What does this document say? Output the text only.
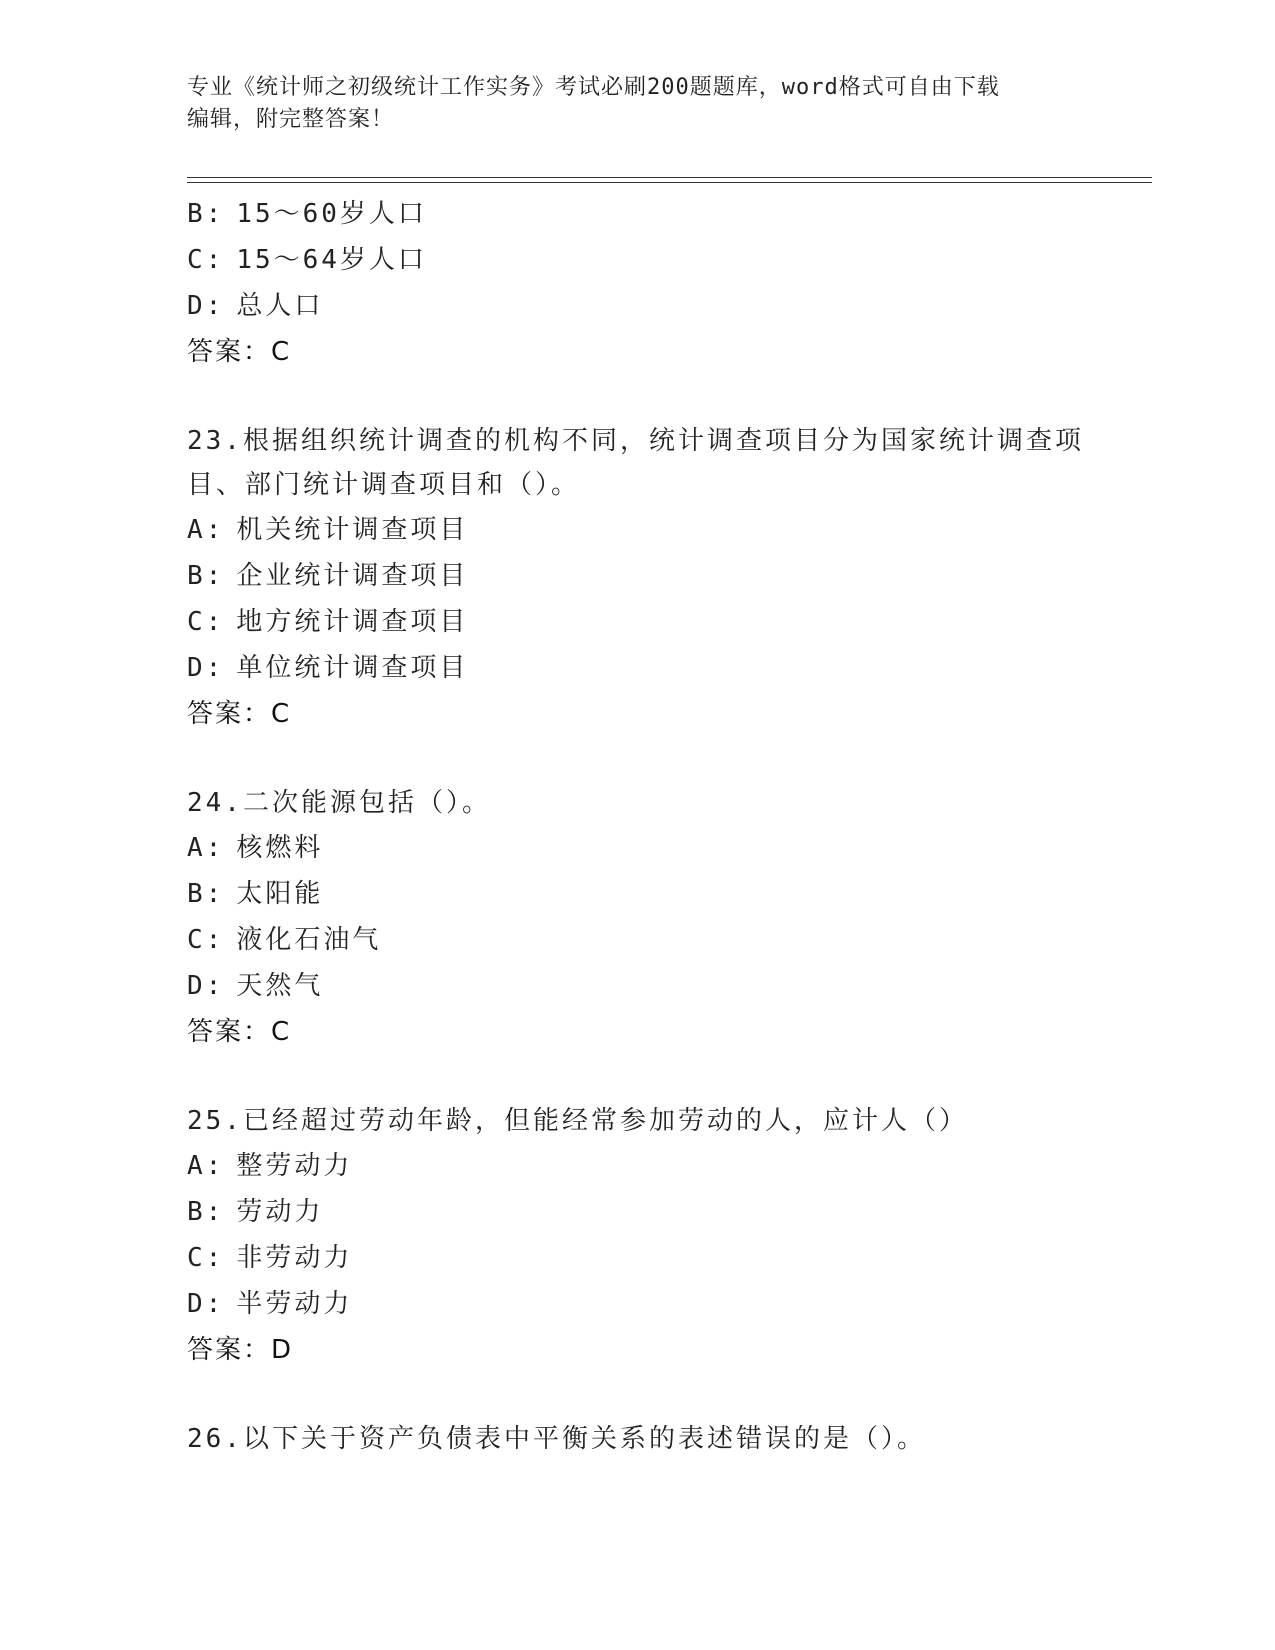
专业《统计师之初级统计工作实务》考试必刷200题题库，word格式可自由下载
编辑，附完整答案！
B: 15～60岁人口
C: 15～64岁人口
D: 总人口
答案：C
23.根据组织统计调查的机构不同，统计调查项目分为国家统计调查项
目、部门统计调查项目和（）。
A: 机关统计调查项目
B: 企业统计调查项目
C: 地方统计调查项目
D: 单位统计调查项目
答案：C
24.二次能源包括（）。
A: 核燃料
B: 太阳能
C: 液化石油气
D: 天然气
答案：C
25.已经超过劳动年龄，但能经常参加劳动的人，应计人（）
A: 整劳动力
B: 劳动力
C: 非劳动力
D: 半劳动力
答案：D
26.以下关于资产负债表中平衡关系的表述错误的是（）。
